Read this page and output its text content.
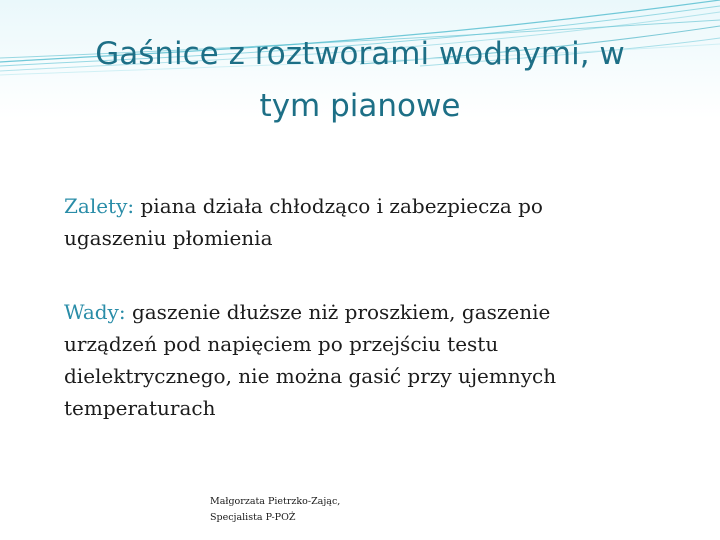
Gaśnice z roztworami wodnymi, w
tym pianowe

Zalety: piana działa chłodząco i zabezpiecza po ugaszeniu płomienia

Wady: gaszenie dłuższe niż proszkiem, gaszenie urządzeń pod napięciem po przejściu testu dielektrycznego, nie można gasić przy ujemnych temperaturach

Małgorzata Pietrzko-Zając,
Specjalista P-POŻ
